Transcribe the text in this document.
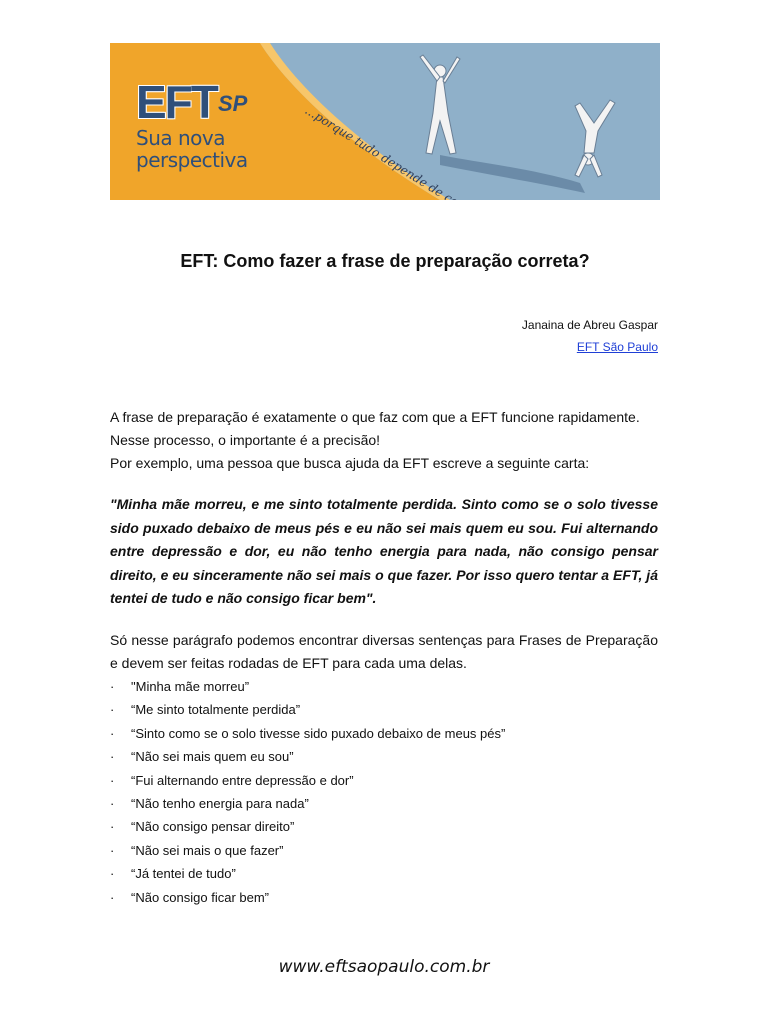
EFT SP
Sua nova
perspectiva
EFT: Como fazer a frase de preparação correta?
Janaina de Abreu Gaspar
EFT São Paulo

A frase de preparação é exatamente o que faz com que a EFT funcione rapidamente.

Nesse processo, o importante é a precisão!

Por exemplo, uma pessoa que busca ajuda da EFT escreve a seguinte carta:

"Minha mãe morreu, e me sinto totalmente perdida. Sinto como se o solo tivesse sido puxado debaixo de meus pés e eu não sei mais quem eu sou. Fui alternando entre depressão e dor, eu não tenho energia para nada, não consigo pensar direito, e eu sinceramente não sei mais o que fazer. Por isso quero tentar a EFT, já tentei de tudo e não consigo ficar bem".

Só nesse parágrafo podemos encontrar diversas sentenças para Frases de Preparação e devem ser feitas rodadas de EFT para cada uma delas.

· "Minha mãe morreu”
· “Me sinto totalmente perdida”
· “Sinto como se o solo tivesse sido puxado debaixo de meus pés”
· “Não sei mais quem eu sou”
· “Fui alternando entre depressão e dor”
· “Não tenho energia para nada”
· “Não consigo pensar direito”
· “Não sei mais o que fazer”
· “Já tentei de tudo”
· “Não consigo ficar bem”
www.eftsaopaulo.com.br
